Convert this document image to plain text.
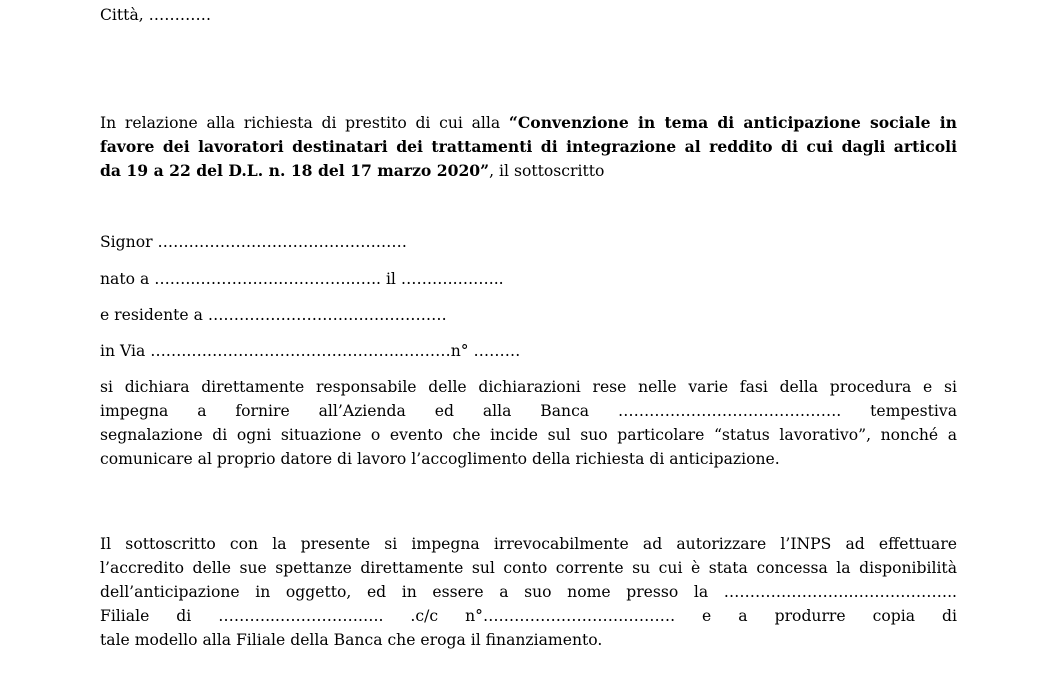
Città, …………
In relazione alla richiesta di prestito di cui alla “Convenzione in tema di anticipazione sociale in
favore dei lavoratori destinatari dei trattamenti di integrazione al reddito di cui dagli articoli
da 19 a 22 del D.L. n. 18 del 17 marzo 2020”, il sottoscritto
Signor …………………………………………
nato a ……..……………..…………..….. il ………..……...
e residente a ………………………….……………
in Via ……..…………………………………..………n° ………
si dichiara direttamente responsabile delle dichiarazioni rese nelle varie fasi della procedura e si
impegna a fornire all’Azienda ed alla Banca ……………………………………. tempestiva
segnalazione di ogni situazione o evento che incide sul suo particolare “status lavorativo”, nonché a
comunicare al proprio datore di lavoro l’accoglimento della richiesta di anticipazione.
Il sottoscritto con la presente si impegna irrevocabilmente ad autorizzare l’INPS ad effettuare
l’accredito delle sue spettanze direttamente sul conto corrente su cui è stata concessa la disponibilità
dell’anticipazione in oggetto, ed in essere a suo nome presso la …………………….………………..
Filiale di ………...……………….. .c/c n°………………………………. e a produrre copia di
tale modello alla Filiale della Banca che eroga il finanziamento.
